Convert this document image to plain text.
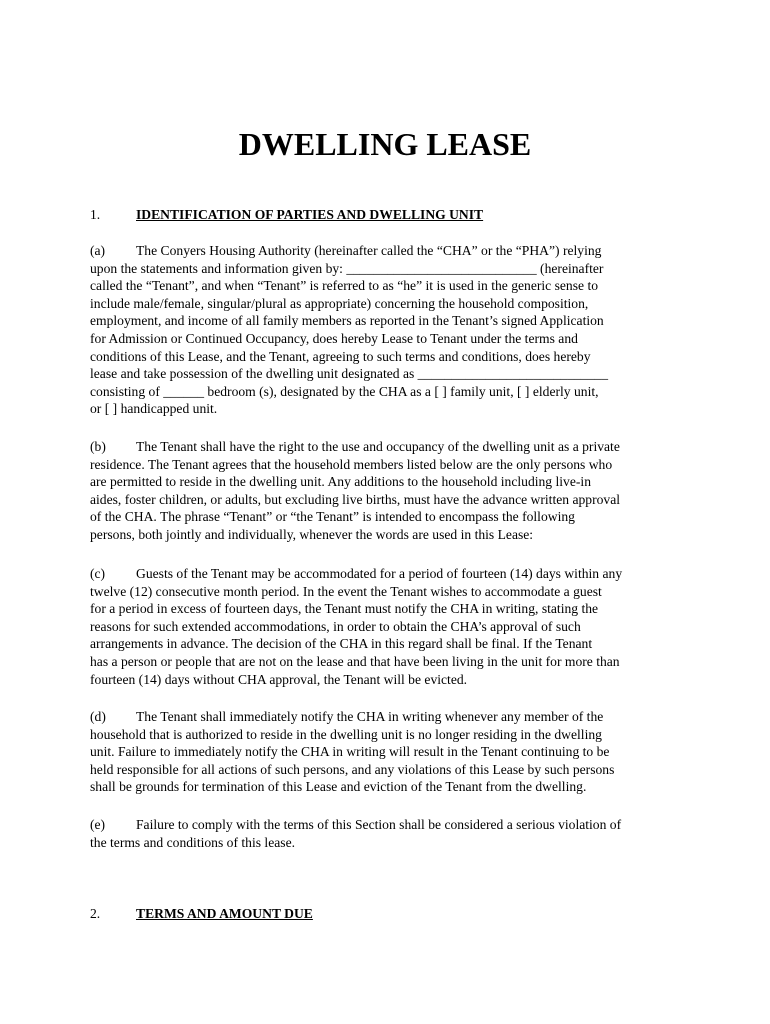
DWELLING LEASE
1.	IDENTIFICATION OF PARTIES AND DWELLING UNIT
(a) The Conyers Housing Authority (hereinafter called the “CHA” or the “PHA”) relying
upon the statements and information given by: ____________________________ (hereinafter
called the “Tenant”, and when “Tenant” is referred to as “he” it is used in the generic sense to
include male/female, singular/plural as appropriate) concerning the household composition,
employment, and income of all family members as reported in the Tenant’s signed Application
for Admission or Continued Occupancy, does hereby Lease to Tenant under the terms and
conditions of this Lease, and the Tenant, agreeing to such terms and conditions, does hereby
lease and take possession of the dwelling unit designated as ____________________________
consisting of ______ bedroom (s), designated by the CHA as a [ ] family unit, [ ] elderly unit,
or [ ] handicapped unit.
(b) The Tenant shall have the right to the use and occupancy of the dwelling unit as a private
residence. The Tenant agrees that the household members listed below are the only persons who
are permitted to reside in the dwelling unit. Any additions to the household including live-in
aides, foster children, or adults, but excluding live births, must have the advance written approval
of the CHA. The phrase “Tenant” or “the Tenant” is intended to encompass the following
persons, both jointly and individually, whenever the words are used in this Lease:
(c) Guests of the Tenant may be accommodated for a period of fourteen (14) days within any
twelve (12) consecutive month period. In the event the Tenant wishes to accommodate a guest
for a period in excess of fourteen days, the Tenant must notify the CHA in writing, stating the
reasons for such extended accommodations, in order to obtain the CHA’s approval of such
arrangements in advance. The decision of the CHA in this regard shall be final. If the Tenant
has a person or people that are not on the lease and that have been living in the unit for more than
fourteen (14) days without CHA approval, the Tenant will be evicted.
(d) The Tenant shall immediately notify the CHA in writing whenever any member of the
household that is authorized to reside in the dwelling unit is no longer residing in the dwelling
unit. Failure to immediately notify the CHA in writing will result in the Tenant continuing to be
held responsible for all actions of such persons, and any violations of this Lease by such persons
shall be grounds for termination of this Lease and eviction of the Tenant from the dwelling.
(e) Failure to comply with the terms of this Section shall be considered a serious violation of
the terms and conditions of this lease.
2.	TERMS AND AMOUNT DUE
